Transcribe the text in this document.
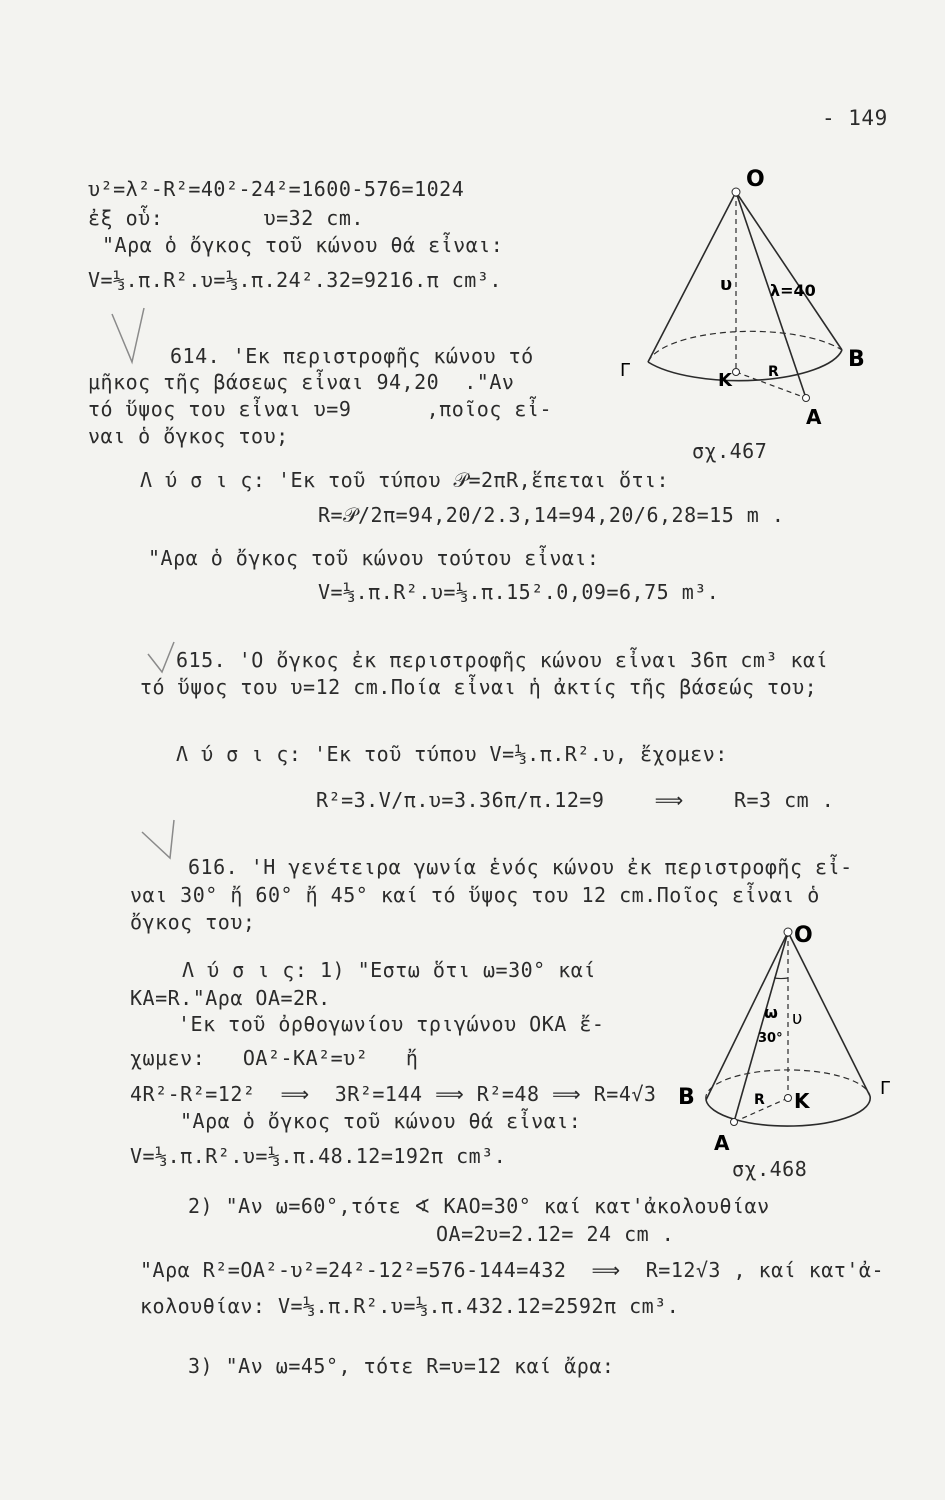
- 149
υ²=λ²-R²=40²-24²=1600-576=1024
ἐξ οὗ:        υ=32 cm.
"Αρα ὁ ὄγκος τοῦ κώνου θά εἶναι:
V=⅓.π.R².υ=⅓.π.24².32=9216.π cm³.
614. 'Εκ περιστροφῆς κώνου τό
μῆκος τῆς βάσεως εἶναι 94,20  ."Αν
τό ὕψος του εἶναι υ=9      ,ποῖος εἶ-
ναι ὁ ὄγκος του;
Λ ύ σ ι ς: 'Εκ τοῦ τύπου 𝒫=2πR,ἕπεται ὅτι:
R=𝒫/2π=94,20/2.3,14=94,20/6,28=15 m .
"Αρα ὁ ὄγκος τοῦ κώνου τούτου εἶναι:
V=⅓.π.R².υ=⅓.π.15².0,09=6,75 m³.
O
υ λ=40
K	R
A
B
Γ
σχ.467
615. 'Ο ὄγκος ἐκ περιστροφῆς κώνου εἶναι 36π cm³ καί
τό ὕψος του υ=12 cm.Ποία εἶναι ἡ ἀκτίς τῆς βάσεώς του;
Λ ύ σ ι ς: 'Εκ τοῦ τύπου V=⅓.π.R².υ, ἔχομεν:
R²=3.V/π.υ=3.36π/π.12=9    ⟹    R=3 cm .
616. 'Η γενέτειρα γωνία ἑνός κώνου ἐκ περιστροφῆς εἶ-
ναι 30° ἤ 60° ἤ 45° καί τό ὕψος του 12 cm.Ποῖος εἶναι ὁ
ὄγκος του;
Λ ύ σ ι ς: 1) "Εστω ὅτι ω=30° καί
KA=R."Αρα OA=2R.
'Εκ τοῦ ὀρθογωνίου τριγώνου ΟΚΑ ἔ-
χωμεν:   OA²-KA²=υ²   ἤ
4R²-R²=12²  ⟹  3R²=144 ⟹ R²=48 ⟹ R=4√3
"Αρα ὁ ὄγκος τοῦ κώνου θά εἶναι:
V=⅓.π.R².υ=⅓.π.48.12=192π cm³.
2) "Αν ω=60°,τότε ∢ KAO=30° καί κατ'ἀκολουθίαν
OA=2υ=2.12= 24 cm .
"Αρα R²=OA²-υ²=24²-12²=576-144=432  ⟹  R=12√3 , καί κατ'ἀ-
κολουθίαν: V=⅓.π.R².υ=⅓.π.432.12=2592π cm³.
3) "Αν ω=45°, τότε R=υ=12 καί ἄρα:
O
ω
30°
υ
K
R
A
B	Γ
σχ.468
